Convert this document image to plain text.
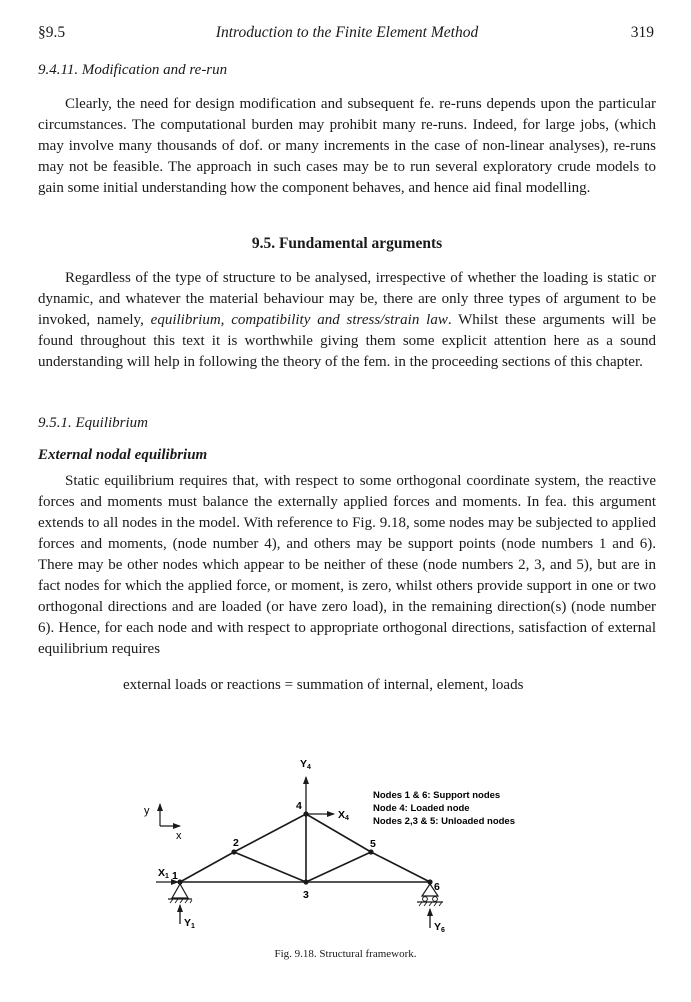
§9.5	Introduction to the Finite Element Method	319
9.4.11. Modification and re-run

Clearly, the need for design modification and subsequent fe. re-runs depends upon the particular circumstances. The computational burden may prohibit many re-runs. Indeed, for large jobs, (which may involve many thousands of dof. or many increments in the case of non-linear analyses), re-runs may not be feasible. The approach in such cases may be to run several exploratory crude models to gain some initial understanding how the component behaves, and hence aid final modelling.

9.5. Fundamental arguments

Regardless of the type of structure to be analysed, irrespective of whether the loading is static or dynamic, and whatever the material behaviour may be, there are only three types of argument to be invoked, namely, equilibrium, compatibility and stress/strain law. Whilst these arguments will be found throughout this text it is worthwhile giving them some explicit attention here as a sound understanding will help in following the theory of the fem. in the proceeding sections of this chapter.

9.5.1. Equilibrium
External nodal equilibrium

Static equilibrium requires that, with respect to some orthogonal coordinate system, the reactive forces and moments must balance the externally applied forces and moments. In fea. this argument extends to all nodes in the model. With reference to Fig. 9.18, some nodes may be subjected to applied forces and moments, (node number 4), and others may be support points (node numbers 1 and 6). There may be other nodes which appear to be neither of these (node numbers 2, 3, and 5), but are in fact nodes for which the applied force, or moment, is zero, whilst others provide support in one or two orthogonal directions and are loaded (or have zero load), in the remaining direction(s) (node number 6). Hence, for each node and with respect to appropriate orthogonal directions, satisfaction of external equilibrium requires

external loads or reactions = summation of internal, element, loads
y
x
1
2
3
4
5
6
Y4
X4
X1
Y1	Y6
Nodes 1 & 6: Support nodes
Node 4: Loaded node
Nodes 2,3 & 5: Unloaded nodes
Fig. 9.18. Structural framework.
